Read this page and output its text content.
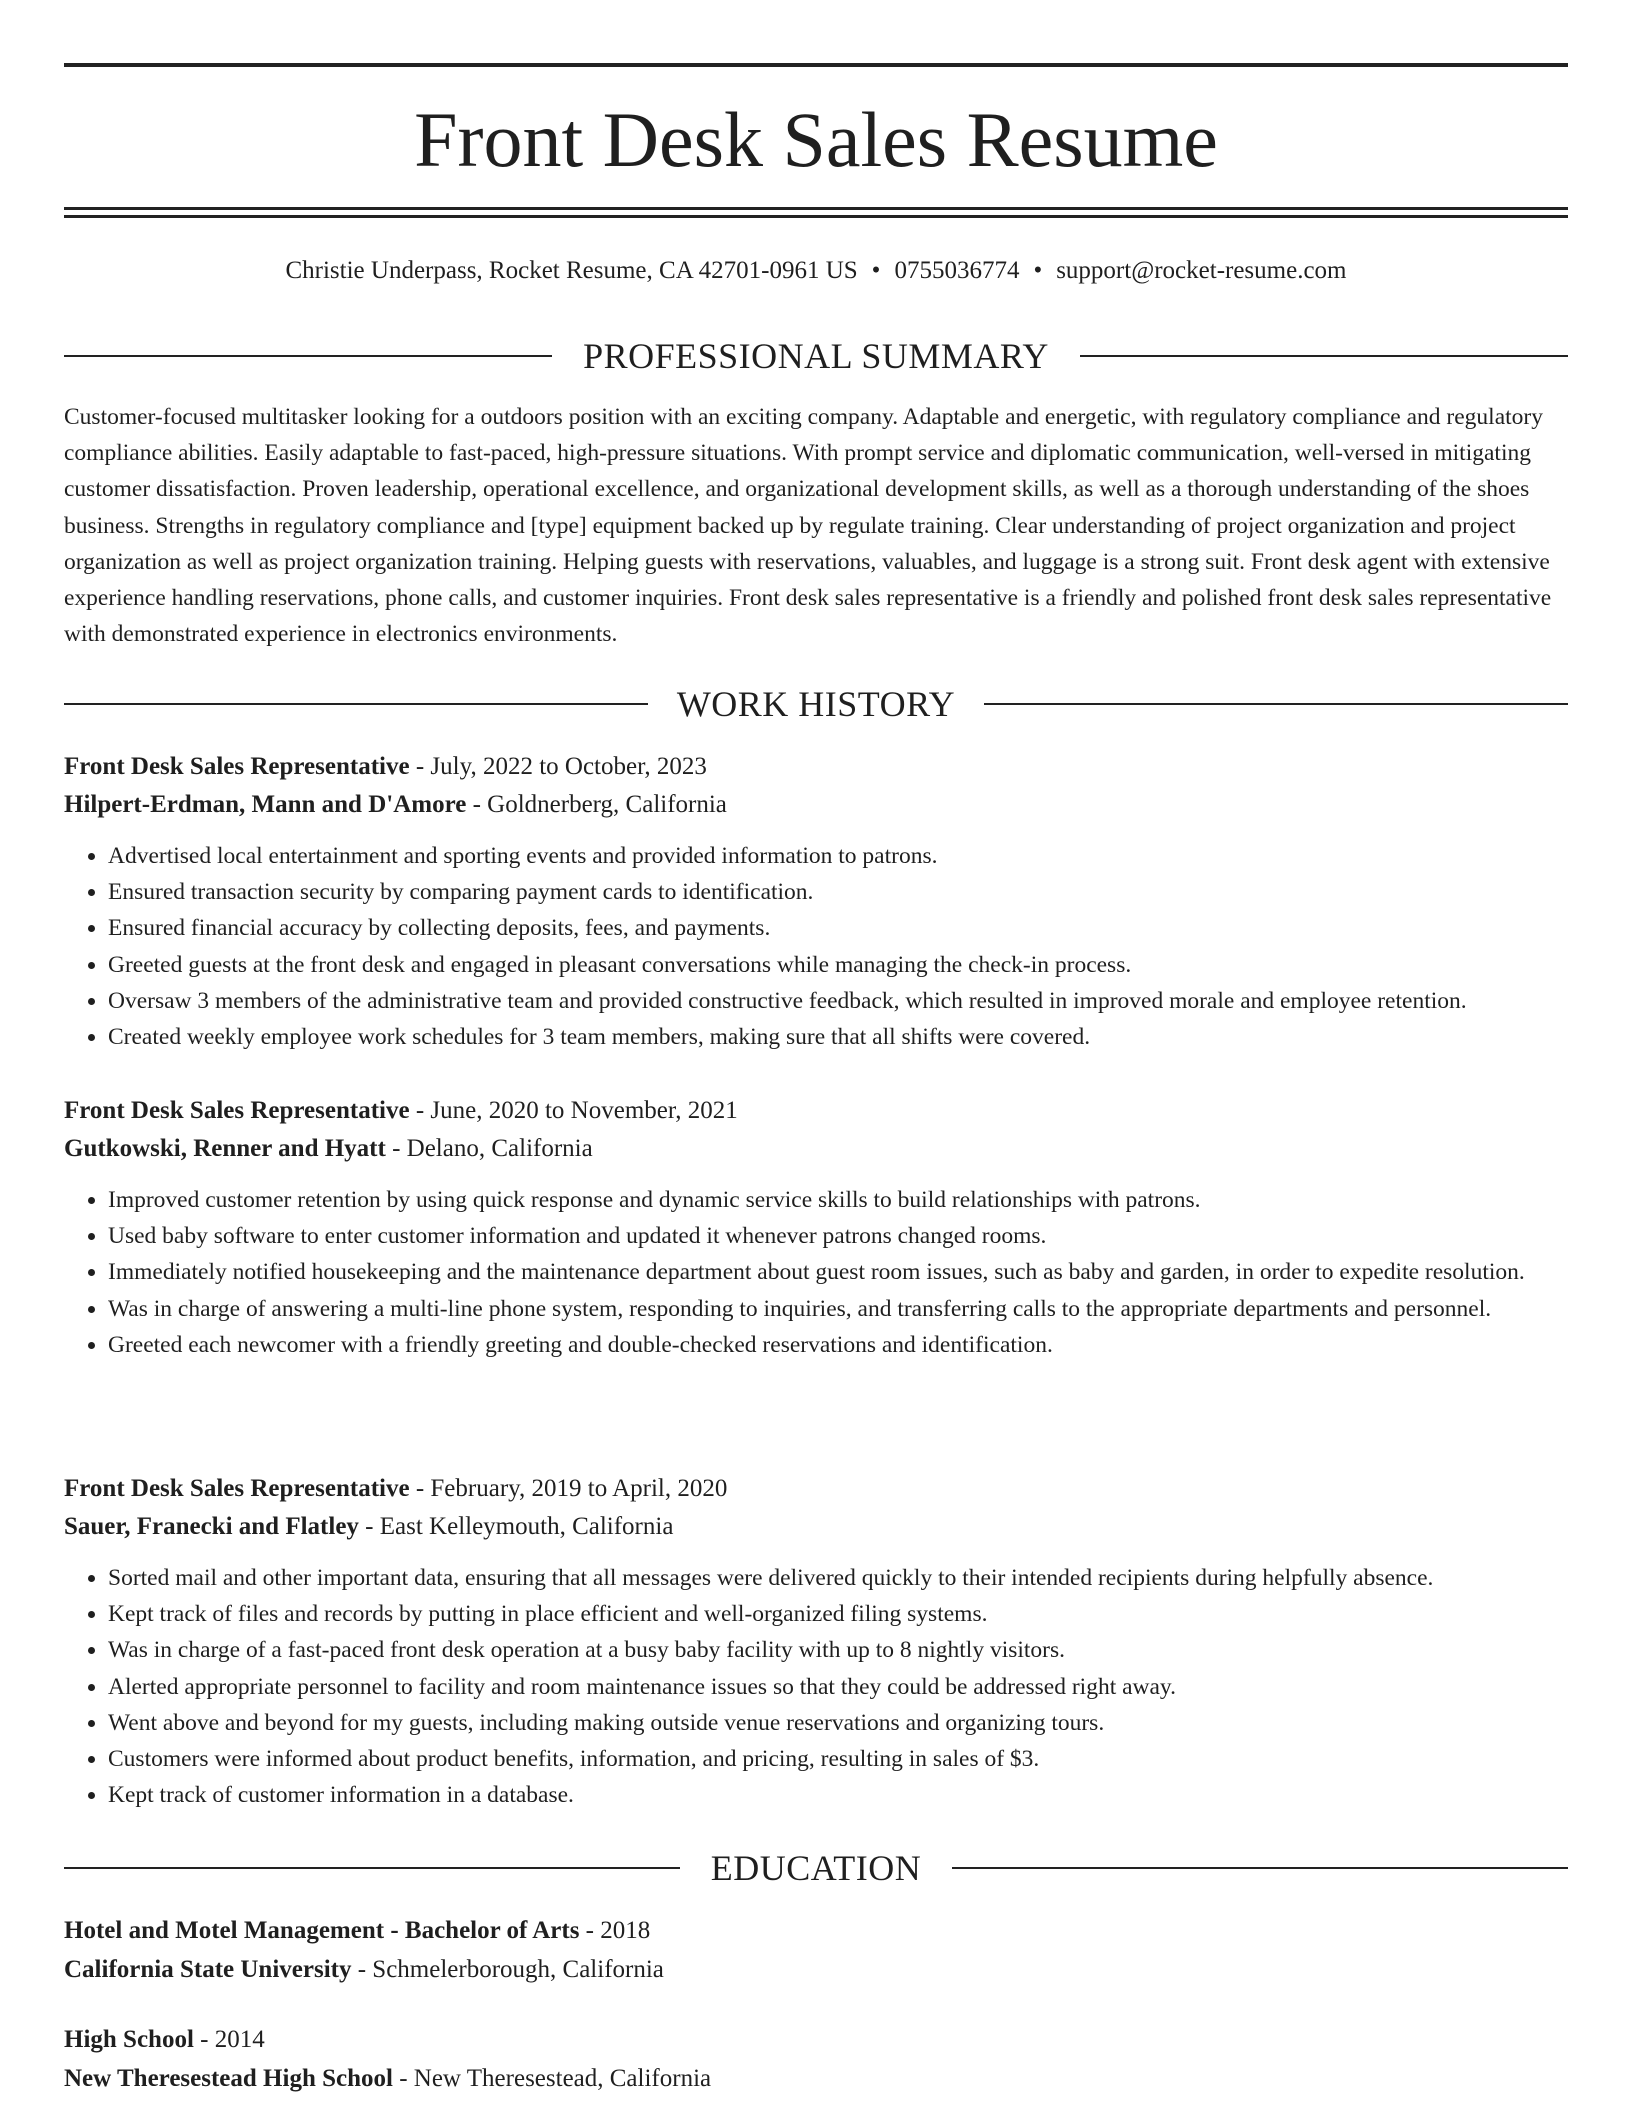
Front Desk Sales Resume
Christie Underpass, Rocket Resume, CA 42701-0961 US • 0755036774 • support@rocket-resume.com
PROFESSIONAL SUMMARY
Customer-focused multitasker looking for a outdoors position with an exciting company. Adaptable and energetic, with regulatory compliance and regulatory compliance abilities. Easily adaptable to fast-paced, high-pressure situations. With prompt service and diplomatic communication, well-versed in mitigating customer dissatisfaction. Proven leadership, operational excellence, and organizational development skills, as well as a thorough understanding of the shoes business. Strengths in regulatory compliance and [type] equipment backed up by regulate training. Clear understanding of project organization and project organization as well as project organization training. Helping guests with reservations, valuables, and luggage is a strong suit. Front desk agent with extensive experience handling reservations, phone calls, and customer inquiries. Front desk sales representative is a friendly and polished front desk sales representative with demonstrated experience in electronics environments.
WORK HISTORY
Front Desk Sales Representative - July, 2022 to October, 2023
Hilpert-Erdman, Mann and D'Amore - Goldnerberg, California
• Advertised local entertainment and sporting events and provided information to patrons.
• Ensured transaction security by comparing payment cards to identification.
• Ensured financial accuracy by collecting deposits, fees, and payments.
• Greeted guests at the front desk and engaged in pleasant conversations while managing the check-in process.
• Oversaw 3 members of the administrative team and provided constructive feedback, which resulted in improved morale and employee retention.
• Created weekly employee work schedules for 3 team members, making sure that all shifts were covered.
Front Desk Sales Representative - June, 2020 to November, 2021
Gutkowski, Renner and Hyatt - Delano, California
• Improved customer retention by using quick response and dynamic service skills to build relationships with patrons.
• Used baby software to enter customer information and updated it whenever patrons changed rooms.
• Immediately notified housekeeping and the maintenance department about guest room issues, such as baby and garden, in order to expedite resolution.
• Was in charge of answering a multi-line phone system, responding to inquiries, and transferring calls to the appropriate departments and personnel.
• Greeted each newcomer with a friendly greeting and double-checked reservations and identification.
Front Desk Sales Representative - February, 2019 to April, 2020
Sauer, Franecki and Flatley - East Kelleymouth, California
• Sorted mail and other important data, ensuring that all messages were delivered quickly to their intended recipients during helpfully absence.
• Kept track of files and records by putting in place efficient and well-organized filing systems.
• Was in charge of a fast-paced front desk operation at a busy baby facility with up to 8 nightly visitors.
• Alerted appropriate personnel to facility and room maintenance issues so that they could be addressed right away.
• Went above and beyond for my guests, including making outside venue reservations and organizing tours.
• Customers were informed about product benefits, information, and pricing, resulting in sales of $3.
• Kept track of customer information in a database.
EDUCATION
Hotel and Motel Management - Bachelor of Arts - 2018
California State University - Schmelerborough, California
High School - 2014
New Theresestead High School - New Theresestead, California
